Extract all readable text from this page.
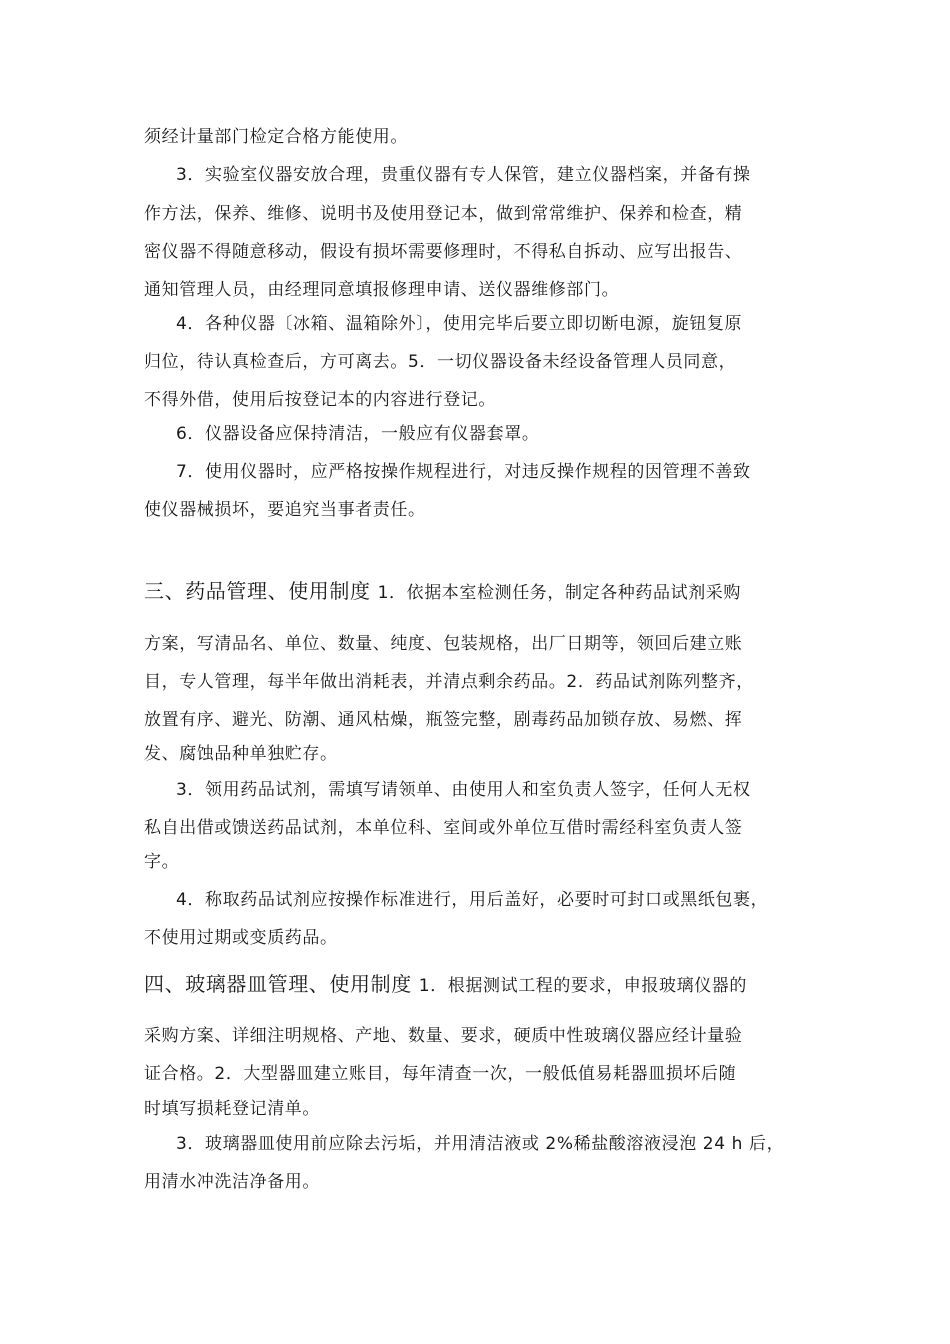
须经计量部门检定合格方能使用。
3．实验室仪器安放合理，贵重仪器有专人保管，建立仪器档案，并备有操
作方法，保养、维修、说明书及使用登记本，做到常常维护、保养和检查，精
密仪器不得随意移动，假设有损坏需要修理时，不得私自拆动、应写出报告、
通知管理人员，由经理同意填报修理申请、送仪器维修部门。
4．各种仪器〔冰箱、温箱除外〕，使用完毕后要立即切断电源，旋钮复原
归位，待认真检查后，方可离去。5．一切仪器设备未经设备管理人员同意，
不得外借，使用后按登记本的内容进行登记。
6．仪器设备应保持清洁，一般应有仪器套罩。
7．使用仪器时，应严格按操作规程进行，对违反操作规程的因管理不善致
使仪器械损坏，要追究当事者责任。
三、药品管理、使用制度 1．依据本室检测任务，制定各种药品试剂采购
方案，写清品名、单位、数量、纯度、包装规格，出厂日期等，领回后建立账
目，专人管理，每半年做出消耗表，并清点剩余药品。2．药品试剂陈列整齐，
放置有序、避光、防潮、通风枯燥，瓶签完整，剧毒药品加锁存放、易燃、挥
发、腐蚀品种单独贮存。
3．领用药品试剂，需填写请领单、由使用人和室负责人签字，任何人无权
私自出借或馈送药品试剂，本单位科、室间或外单位互借时需经科室负责人签
字。
4．称取药品试剂应按操作标准进行，用后盖好，必要时可封口或黑纸包裹，
不使用过期或变质药品。
四、玻璃器皿管理、使用制度 1．根据测试工程的要求，申报玻璃仪器的
采购方案、详细注明规格、产地、数量、要求，硬质中性玻璃仪器应经计量验
证合格。2．大型器皿建立账目，每年清查一次，一般低值易耗器皿损坏后随
时填写损耗登记清单。
3．玻璃器皿使用前应除去污垢，并用清洁液或 2%稀盐酸溶液浸泡 24 h 后，
用清水冲洗洁净备用。
